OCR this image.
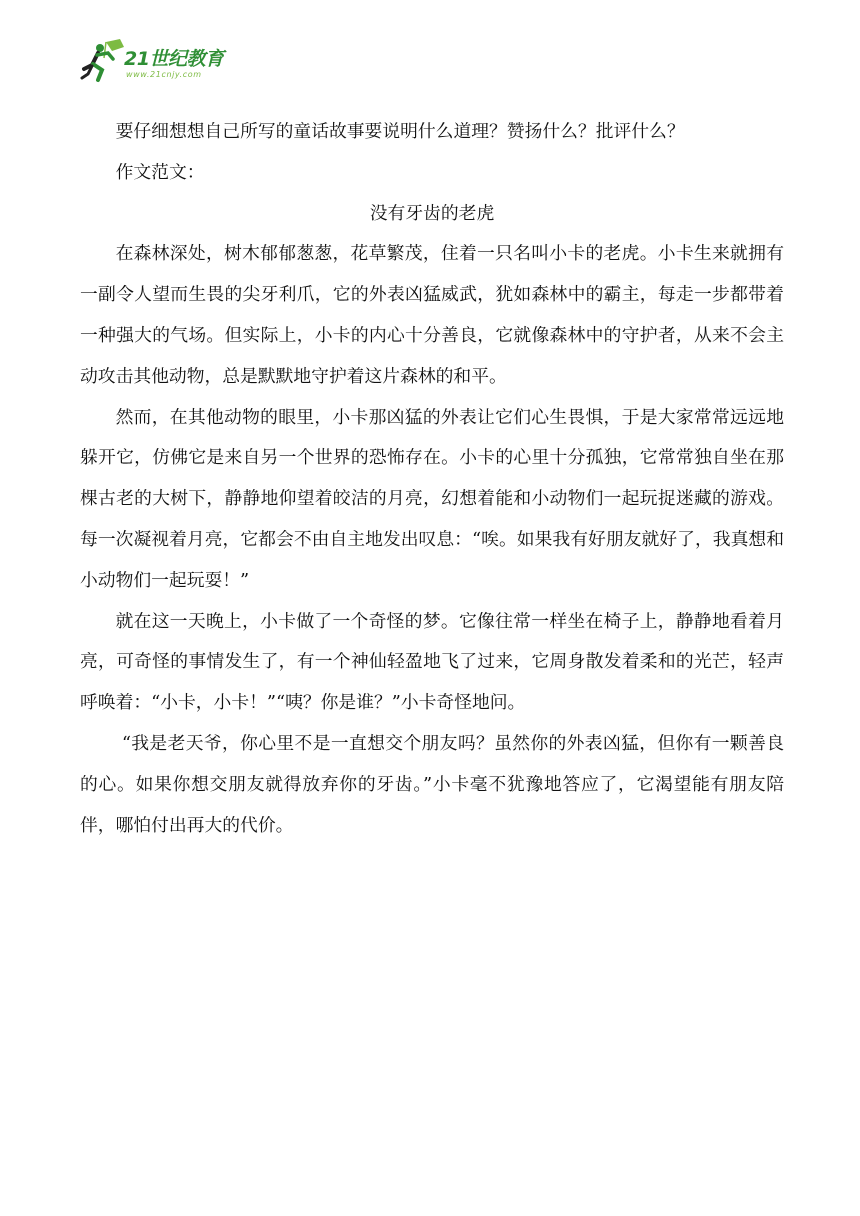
21世纪教育
www.21cnjy.com

要仔细想想自己所写的童话故事要说明什么道理？赞扬什么？批评什么？

作文范文：

没有牙齿的老虎

在森林深处，树木郁郁葱葱，花草繁茂，住着一只名叫小卡的老虎。小卡生来就拥有一副令人望而生畏的尖牙利爪，它的外表凶猛威武，犹如森林中的霸主，每走一步都带着一种强大的气场。但实际上，小卡的内心十分善良，它就像森林中的守护者，从来不会主动攻击其他动物，总是默默地守护着这片森林的和平。

然而，在其他动物的眼里，小卡那凶猛的外表让它们心生畏惧，于是大家常常远远地躲开它，仿佛它是来自另一个世界的恐怖存在。小卡的心里十分孤独，它常常独自坐在那棵古老的大树下，静静地仰望着皎洁的月亮，幻想着能和小动物们一起玩捉迷藏的游戏。每一次凝视着月亮，它都会不由自主地发出叹息：“唉。如果我有好朋友就好了，我真想和小动物们一起玩耍！”

就在这一天晚上，小卡做了一个奇怪的梦。它像往常一样坐在椅子上，静静地看着月亮，可奇怪的事情发生了，有一个神仙轻盈地飞了过来，它周身散发着柔和的光芒，轻声呼唤着：“小卡，小卡！”“咦？你是谁？”小卡奇怪地问。

“我是老天爷，你心里不是一直想交个朋友吗？虽然你的外表凶猛，但你有一颗善良的心。如果你想交朋友就得放弃你的牙齿。”小卡毫不犹豫地答应了，它渴望能有朋友陪伴，哪怕付出再大的代价。
